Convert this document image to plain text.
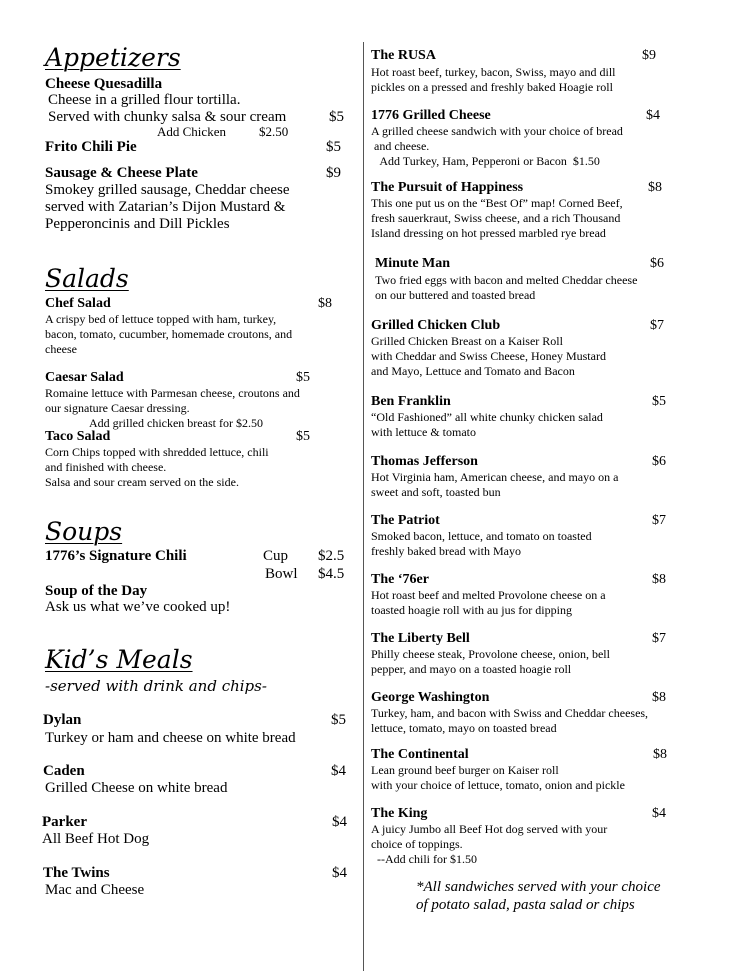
Appetizers
Cheese Quesadilla
Cheese in a grilled flour tortilla.
Served with chunky salsa & sour cream	$5
Add Chicken	$2.50
Frito Chili Pie	$5
Sausage & Cheese Plate	$9
Smokey grilled sausage, Cheddar cheese
served with Zatarian’s Dijon Mustard &
Pepperoncinis and Dill Pickles
Salads
Chef Salad	$8
A crispy bed of lettuce topped with ham, turkey,
bacon, tomato, cucumber, homemade croutons, and
cheese
Caesar Salad	$5
Romaine lettuce with Parmesan cheese, croutons and
our signature Caesar dressing.
Add grilled chicken breast for $2.50
Taco Salad	$5
Corn Chips topped with shredded lettuce, chili
and finished with cheese.
Salsa and sour cream served on the side.
Soups
1776’s Signature Chili	Cup $2.5
Bowl $4.5
Soup of the Day
Ask us what we’ve cooked up!
Kid’s Meals
-served with drink and chips-
Dylan	$5
Turkey or ham and cheese on white bread
Caden	$4
Grilled Cheese on white bread
Parker	$4
All Beef Hot Dog
The Twins	$4
Mac and Cheese
The RUSA	$9
Hot roast beef, turkey, bacon, Swiss, mayo and dill
pickles on a pressed and freshly baked Hoagie roll
1776 Grilled Cheese	$4
A grilled cheese sandwich with your choice of bread
and cheese.
Add Turkey, Ham, Pepperoni or Bacon  $1.50
The Pursuit of Happiness	$8
This one put us on the “Best Of” map! Corned Beef,
fresh sauerkraut, Swiss cheese, and a rich Thousand
Island dressing on hot pressed marbled rye bread
Minute Man	$6
Two fried eggs with bacon and melted Cheddar cheese
on our buttered and toasted bread
Grilled Chicken Club	$7
Grilled Chicken Breast on a Kaiser Roll
with Cheddar and Swiss Cheese, Honey Mustard
and Mayo, Lettuce and Tomato and Bacon
Ben Franklin	$5
“Old Fashioned” all white chunky chicken salad
with lettuce & tomato
Thomas Jefferson	$6
Hot Virginia ham, American cheese, and mayo on a
sweet and soft, toasted bun
The Patriot	$7
Smoked bacon, lettuce, and tomato on toasted
freshly baked bread with Mayo
The ‘76er	$8
Hot roast beef and melted Provolone cheese on a
toasted hoagie roll with au jus for dipping
The Liberty Bell	$7
Philly cheese steak, Provolone cheese, onion, bell
pepper, and mayo on a toasted hoagie roll
George Washington	$8
Turkey, ham, and bacon with Swiss and Cheddar cheeses,
lettuce, tomato, mayo on toasted bread
The Continental	$8
Lean ground beef burger on Kaiser roll
with your choice of lettuce, tomato, onion and pickle
The King	$4
A juicy Jumbo all Beef Hot dog served with your
choice of toppings.
--Add chili for $1.50
*All sandwiches served with your choice
of potato salad, pasta salad or chips
